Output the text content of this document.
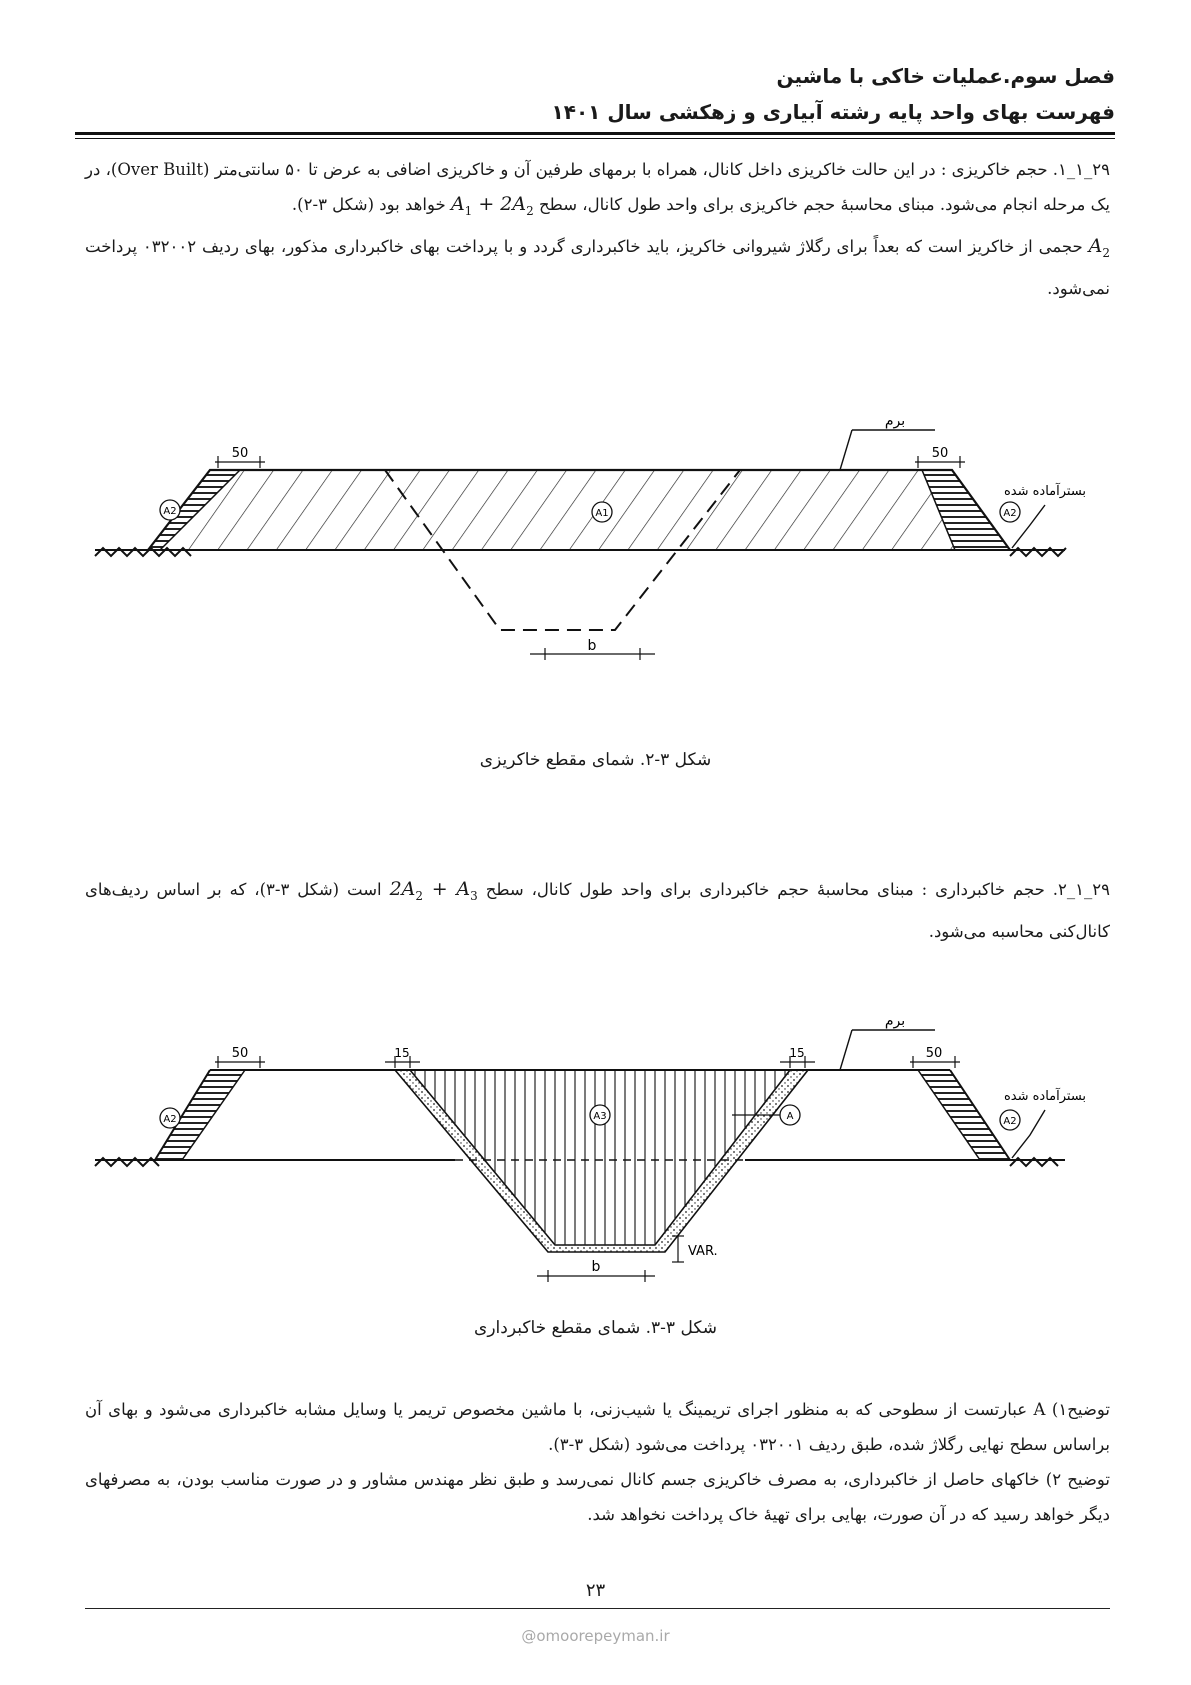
فصل سوم.عملیات خاکی با ماشین
فهرست بهای واحد پایه رشته آبیاری و زهکشی سال ۱۴۰۱

۲۹_۱_۱. حجم خاکریزی : در این حالت خاکریزی داخل کانال، همراه با برمهای طرفین آن و خاکریزی اضافی به عرض تا ۵۰ سانتی‌متر (Over Built)، در یک مرحله انجام می‌شود. مبنای محاسبهٔ حجم خاکریزی برای واحد طول کانال، سطح $A_1 + 2A_2$ خواهد بود (شکل ۳-۲).

$A_2$ حجمی از خاکریز است که بعداً برای رگلاژ شیروانی خاکریز، باید خاکبرداری گردد و با پرداخت بهای خاکبرداری مذکور، بهای ردیف ۰۳۲۰۰۲ پرداخت نمی‌شود.

b
50	50
برم
بسترآماده شده
A1
A2	A2
شکل ۳-۲. شمای مقطع خاکریزی

۲۹_۱_۲. حجم خاکبرداری : مبنای محاسبهٔ حجم خاکبرداری برای واحد طول کانال، سطح $2A_2 + A_3$ است (شکل ۳-۳)، که بر اساس ردیف‌های کانال‌کنی محاسبه می‌شود.

50	50
15	15
b
VAR.
برم
بسترآماده شده
A3	A
A2	A2
شکل ۳-۳. شمای مقطع خاکبرداری

توضیح۱) A عبارتست از سطوحی که به منظور اجرای تریمینگ یا شیب‌زنی، با ماشین مخصوص تریمر یا وسایل مشابه خاکبرداری می‌شود و بهای آن براساس سطح نهایی رگلاژ شده، طبق ردیف ۰۳۲۰۰۱ پرداخت می‌شود (شکل ۳-۳).

توضیح ۲) خاکهای حاصل از خاکبرداری، به مصرف خاکریزی جسم کانال نمی‌رسد و طبق نظر مهندس مشاور و در صورت مناسب بودن، به مصرفهای دیگر خواهد رسید که در آن صورت، بهایی برای تهیهٔ خاک پرداخت نخواهد شد.

۲۳
@omoorepeyman.ir
